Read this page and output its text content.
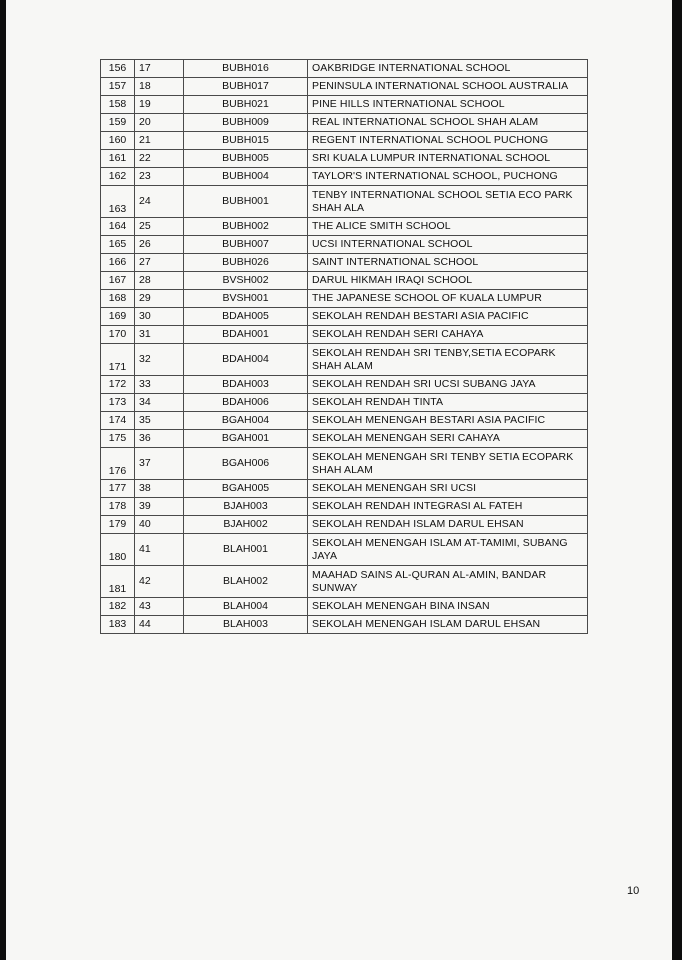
156	17	BUBH016	OAKBRIDGE INTERNATIONAL SCHOOL
157	18	BUBH017	PENINSULA INTERNATIONAL SCHOOL AUSTRALIA
158	19	BUBH021	PINE HILLS INTERNATIONAL SCHOOL
159	20	BUBH009	REAL INTERNATIONAL SCHOOL SHAH ALAM
160	21	BUBH015	REGENT INTERNATIONAL SCHOOL PUCHONG
161	22	BUBH005	SRI KUALA LUMPUR INTERNATIONAL SCHOOL
162	23	BUBH004	TAYLOR'S INTERNATIONAL SCHOOL, PUCHONG
163	24	BUBH001	TENBY INTERNATIONAL SCHOOL SETIA ECO PARK SHAH ALA
164	25	BUBH002	THE ALICE SMITH SCHOOL
165	26	BUBH007	UCSI INTERNATIONAL SCHOOL
166	27	BUBH026	SAINT INTERNATIONAL SCHOOL
167	28	BVSH002	DARUL HIKMAH IRAQI SCHOOL
168	29	BVSH001	THE JAPANESE SCHOOL OF KUALA LUMPUR
169	30	BDAH005	SEKOLAH RENDAH BESTARI ASIA PACIFIC
170	31	BDAH001	SEKOLAH RENDAH SERI CAHAYA
171	32	BDAH004	SEKOLAH RENDAH SRI TENBY,SETIA ECOPARK SHAH ALAM
172	33	BDAH003	SEKOLAH RENDAH SRI UCSI SUBANG JAYA
173	34	BDAH006	SEKOLAH RENDAH TINTA
174	35	BGAH004	SEKOLAH MENENGAH BESTARI ASIA PACIFIC
175	36	BGAH001	SEKOLAH MENENGAH SERI CAHAYA
176	37	BGAH006	SEKOLAH MENENGAH SRI TENBY SETIA ECOPARK SHAH ALAM
177	38	BGAH005	SEKOLAH MENENGAH SRI UCSI
178	39	BJAH003	SEKOLAH RENDAH INTEGRASI AL FATEH
179	40	BJAH002	SEKOLAH RENDAH ISLAM DARUL EHSAN
180	41	BLAH001	SEKOLAH MENENGAH ISLAM AT-TAMIMI, SUBANG JAYA
181	42	BLAH002	MAAHAD SAINS AL-QURAN AL-AMIN, BANDAR SUNWAY
182	43	BLAH004	SEKOLAH MENENGAH BINA INSAN
183	44	BLAH003	SEKOLAH MENENGAH ISLAM DARUL EHSAN
10
